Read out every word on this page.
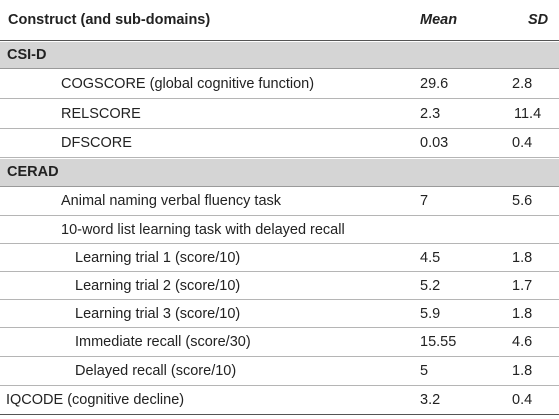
Construct (and sub-domains)	Mean	SD
CSI-D
COGSCORE (global cognitive function)	29.6	2.8
RELSCORE	2.3	11.4
DFSCORE	0.03	0.4
CERAD
Animal naming verbal fluency task	7	5.6
10-word list learning task with delayed recall
Learning trial 1 (score/10)	4.5	1.8
Learning trial 2 (score/10)	5.2	1.7
Learning trial 3 (score/10)	5.9	1.8
Immediate recall (score/30)	15.55	4.6
Delayed recall (score/10)	5	1.8
IQCODE (cognitive decline)	3.2	0.4
